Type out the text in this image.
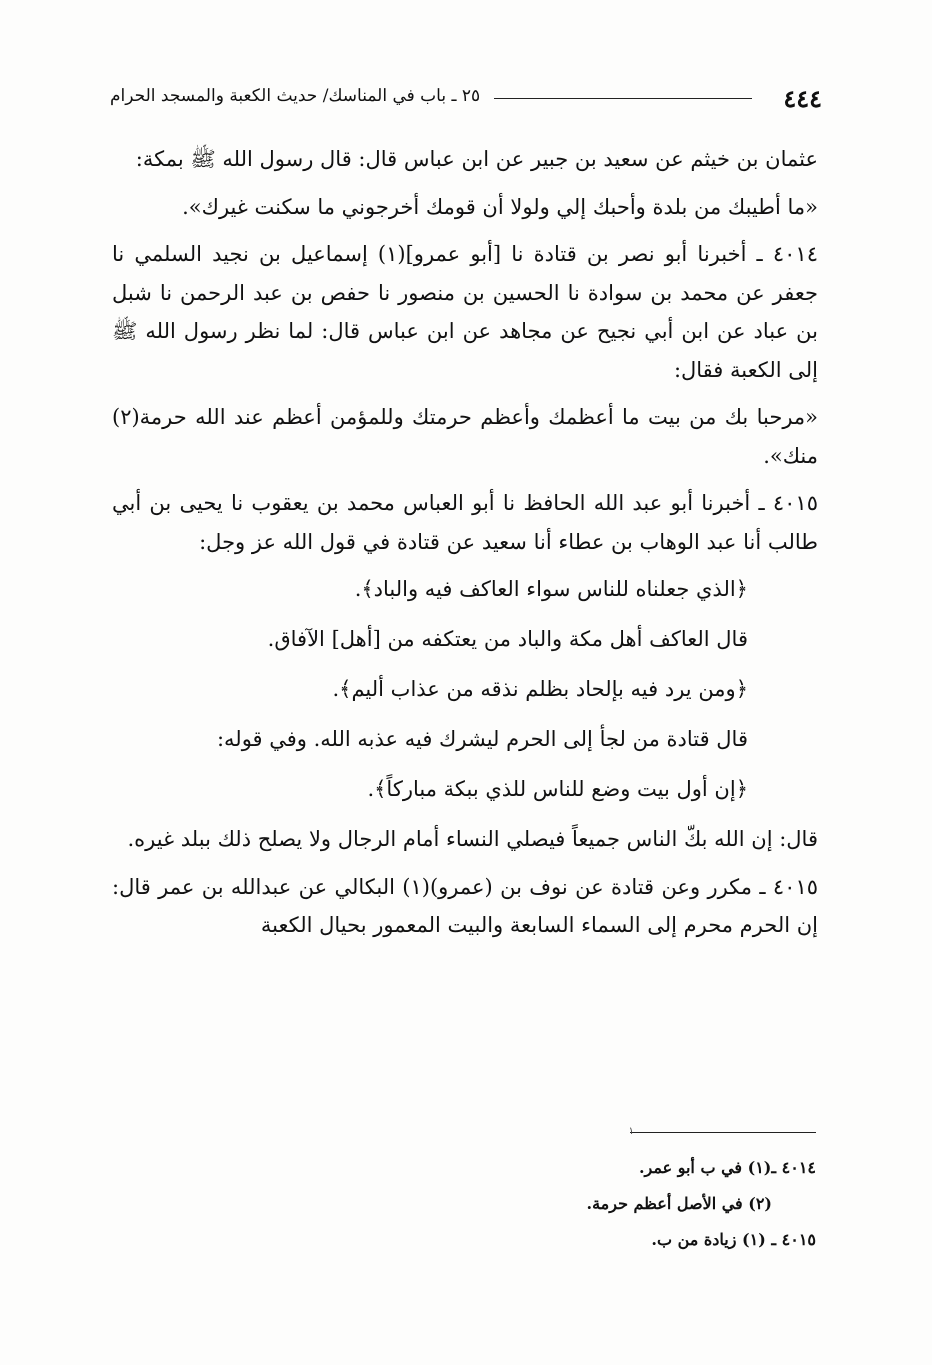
٤٤٤
٢٥ ـ باب في المناسك/ حديث الكعبة والمسجد الحرام

عثمان بن خيثم عن سعيد بن جبير عن ابن عباس قال: قال رسول الله ﷺ بمكة:

«ما أطيبك من بلدة وأحبك إلي ولولا أن قومك أخرجوني ما سكنت غيرك».

٤٠١٤ ـ أخبرنا أبو نصر بن قتادة نا [أبو عمرو](١) إسماعيل بن نجيد السلمي نا جعفر عن محمد بن سوادة نا الحسين بن منصور نا حفص بن عبد الرحمن نا شبل بن عباد عن ابن أبي نجيح عن مجاهد عن ابن عباس قال: لما نظر رسول الله ﷺ إلى الكعبة فقال:

«مرحبا بك من بيت ما أعظمك وأعظم حرمتك وللمؤمن أعظم عند الله حرمة(٢) منك».

٤٠١٥ ـ أخبرنا أبو عبد الله الحافظ نا أبو العباس محمد بن يعقوب نا يحيى بن أبي طالب أنا عبد الوهاب بن عطاء أنا سعيد عن قتادة في قول الله عز وجل:

﴿الذي جعلناه للناس سواء العاكف فيه والباد﴾.

قال العاكف أهل مكة والباد من يعتكفه من [أهل] الآفاق.

﴿ومن يرد فيه بإلحاد بظلم نذقه من عذاب أليم﴾.

قال قتادة من لجأ إلى الحرم ليشرك فيه عذبه الله. وفي قوله:

﴿إن أول بيت وضع للناس للذي ببكة مباركاً﴾.

قال: إن الله بكّ الناس جميعاً فيصلي النساء أمام الرجال ولا يصلح ذلك ببلد غيره.

٤٠١٥ ـ مكرر وعن قتادة عن نوف بن (عمرو)(١) البكالي عن عبدالله بن عمر قال: إن الحرم محرم إلى السماء السابعة والبيت المعمور بحيال الكعبة

١

٤٠١٤ ـ(١) في ب أبو عمر.

(٢) في الأصل أعظم حرمة.

٤٠١٥ ـ (١) زيادة من ب.
